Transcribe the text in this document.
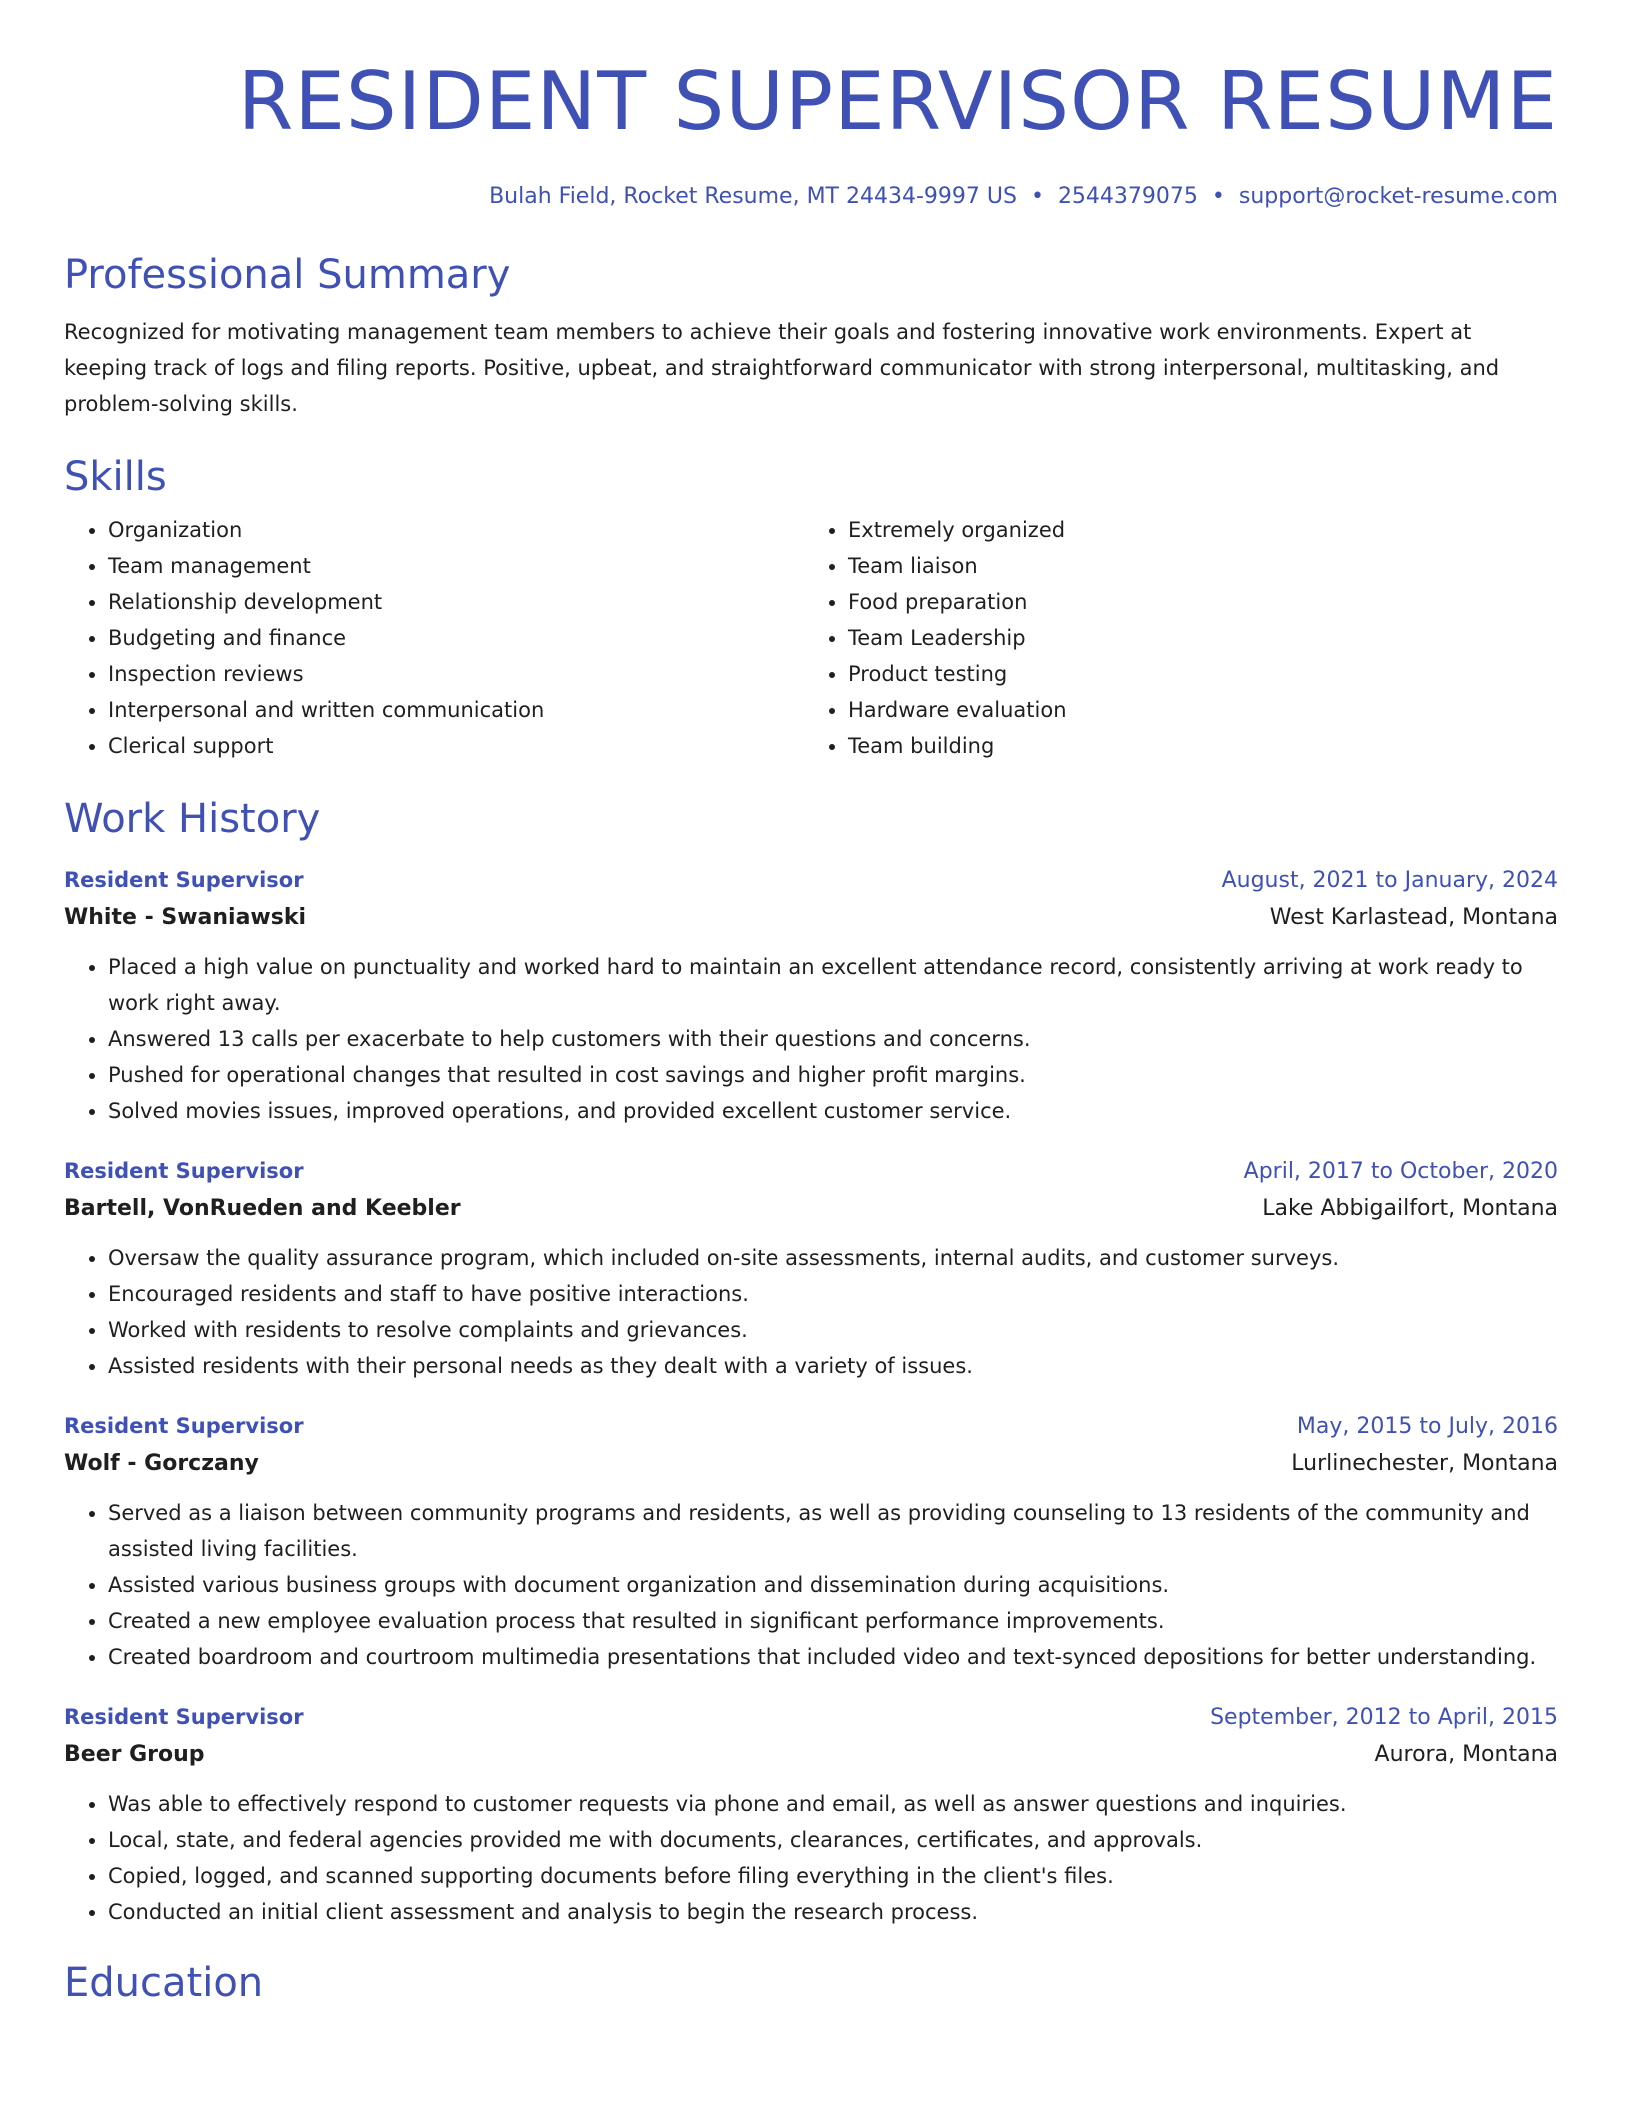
RESIDENT SUPERVISOR RESUME
Bulah Field, Rocket Resume, MT 24434-9997 US • 2544379075 • support@rocket-resume.com
Professional Summary
Recognized for motivating management team members to achieve their goals and fostering innovative work environments. Expert at keeping track of logs and filing reports. Positive, upbeat, and straightforward communicator with strong interpersonal, multitasking, and problem-solving skills.
Skills
• Organization
• Team management
• Relationship development
• Budgeting and finance
• Inspection reviews
• Interpersonal and written communication
• Clerical support
• Extremely organized
• Team liaison
• Food preparation
• Team Leadership
• Product testing
• Hardware evaluation
• Team building
Work History
Resident Supervisor	August, 2021 to January, 2024
White - Swaniawski	West Karlastead, Montana
• Placed a high value on punctuality and worked hard to maintain an excellent attendance record, consistently arriving at work ready to work right away.
• Answered 13 calls per exacerbate to help customers with their questions and concerns.
• Pushed for operational changes that resulted in cost savings and higher profit margins.
• Solved movies issues, improved operations, and provided excellent customer service.
Resident Supervisor	April, 2017 to October, 2020
Bartell, VonRueden and Keebler	Lake Abbigailfort, Montana
• Oversaw the quality assurance program, which included on-site assessments, internal audits, and customer surveys.
• Encouraged residents and staff to have positive interactions.
• Worked with residents to resolve complaints and grievances.
• Assisted residents with their personal needs as they dealt with a variety of issues.
Resident Supervisor	May, 2015 to July, 2016
Wolf - Gorczany	Lurlinechester, Montana
• Served as a liaison between community programs and residents, as well as providing counseling to 13 residents of the community and assisted living facilities.
• Assisted various business groups with document organization and dissemination during acquisitions.
• Created a new employee evaluation process that resulted in significant performance improvements.
• Created boardroom and courtroom multimedia presentations that included video and text-synced depositions for better understanding.
Resident Supervisor	September, 2012 to April, 2015
Beer Group	Aurora, Montana
• Was able to effectively respond to customer requests via phone and email, as well as answer questions and inquiries.
• Local, state, and federal agencies provided me with documents, clearances, certificates, and approvals.
• Copied, logged, and scanned supporting documents before filing everything in the client's files.
• Conducted an initial client assessment and analysis to begin the research process.
Education
